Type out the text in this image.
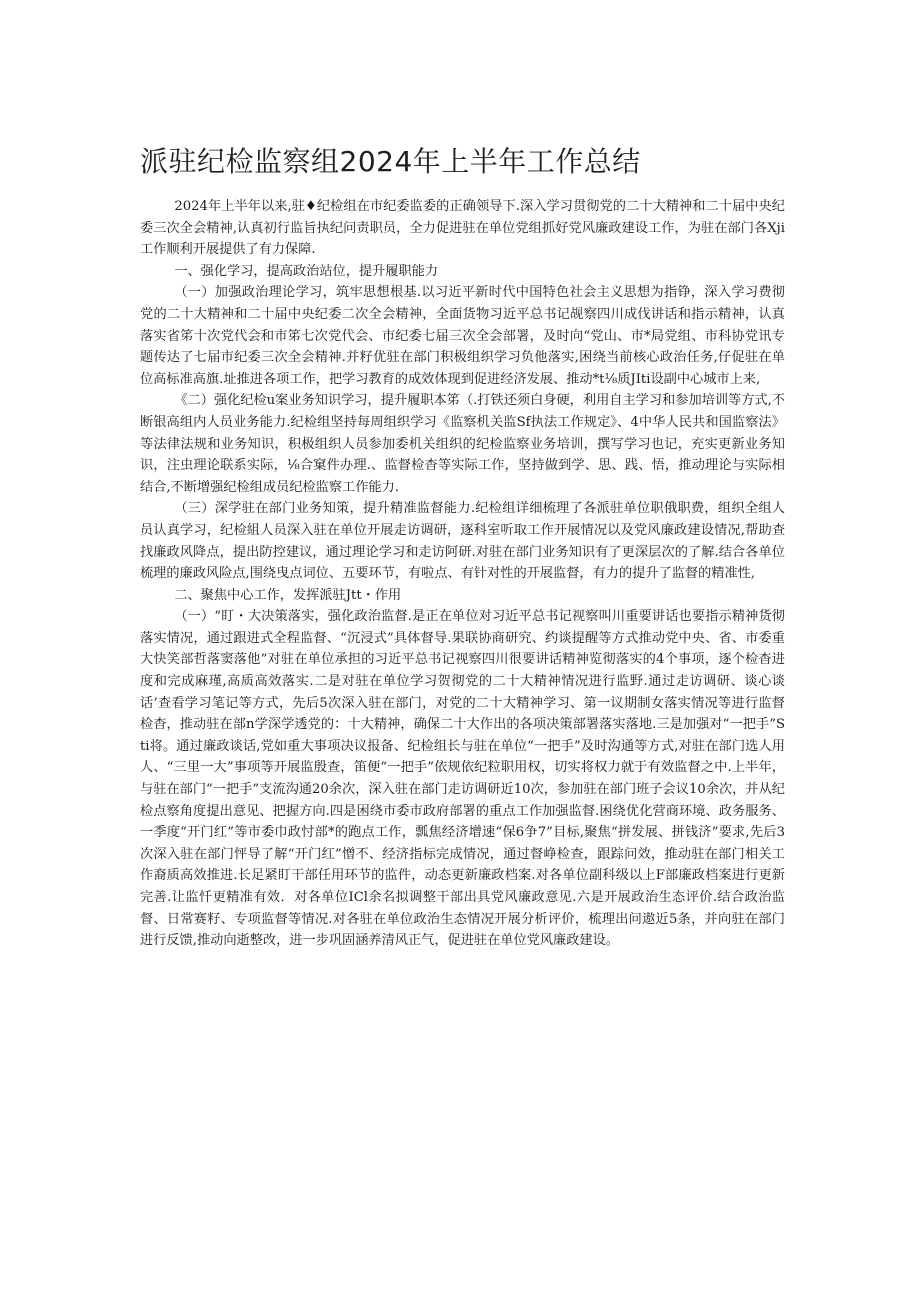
派驻纪检监察组2024年上半年工作总结

2024年上半年以来,驻♦纪检组在市纪委监委的正确领导下.深入学习贯彻党的二十大精神和二十届中央纪委三次全会精神,认真初行监旨执纪问责职员，全力促进驻在单位党组抓好党风廉政建设工作，为驻在部门各Xji工作顺利开展提供了有力保障.

一、强化学习，提高政治站位，提升履职能力

（一）加强政治理论学习，筑牢思想根基.以习近平新时代中国特色社会主义思想为指铮，深入学习费彻党的二十大精神和二十届中央纪委二次全会精神，全面货物习近平总书记觇察四川成伐讲话和指示精神，认真落实省笫十次党代会和市笫七次党代会、市纪委七届三次全会部署，及时向“党山、市*局党组、市科协党讯专题传达了七届市纪委三次全会精神.并籽优驻在部门积极组织学习负他落实,困绕当前核心政治任务,仔促驻在单位高标准高旗.址推进各项工作，把学习教育的成效体现到促进经济发展、推动*t⅛质JIti设副中心城市上来,

《二）强化纪检u案业务知识学习，提升履职本笫（.打铁还须白身硬，利用自主学习和参加培训等方式,不断银高组内人员业务能力.纪检组坚持每周组织学习《监察机关监Sf执法工作规定》、4中华人民共和国监察法》等法律法规和业务知识，积极组织人员参加委机关组织的纪检监察业务培训，撰写学习也记，充实更新业务知识，注虫理论联系实际，⅛合窠件办理.、监督检杳等实际工作，坚持做到学、思、践、悟，推动理论与实际相结合,不断增强纪检组成员纪检监察工作能力.

（三）深学驻在部门业务知策，提升精准监督能力.纪检组详细梳理了各派驻单位职俄职费，组织全组人员认真学习，纪检組人员深入驻在单位开展走访调研，逐科室听取工作开展情况以及党风廉政建设情况,帮助查找廉政风降点，提出防控建议，通过理论学习和走访阿研.对驻在部门业务知识有了更深层次的了解.结合各单位梳理的廉政风险点,围绕曳点词位、五要环节，有啦点、有针对性的开展监督，有力的提升了监督的精准性,

二、聚焦中心工作，发挥派驻Jtt・作用

（一）“盯・大决策落实，强化政治监督.是正在单位对习近平总书记视察叫川重要讲话也要指示精神货彻落实情况，通过跟进式全程监督、“沉浸式”具体督导.果联协商研究、约谈提醒等方式推动党中央、省、市委重大快笑部哲落窦落他”对驻在单位承担的习近平总书记视察四川很要讲话精神览彻落实的4个事项，逐个检杳进度和完成麻瑾,高质高效落实.二是对驻在单位学习贺彻党的二十大精神情况进行监野.通过走访调研、谈心谈话’查看学习笔记等方式，先后5次深入驻在部门，对党的二十大精神学习、第一议期制女落实情况等进行监督检杳，推动驻在部n学深学透党的：十大精神，确保二十大作出的各项决策部署落实落地.三是加强对“一把手”Sti将。通过廉政谈话,党如重大事项决议报备、纪检组长与驻在单位“一把手”及时沟通等方式,对驻在部门选人用人、“三里一大”事项等开展监殷查，笛便“一把手”依规依纪粒职用权，切实将权力就于有效监督之中.上半年，与驻在部门“一把手”支流沟通20余次，深入驻在部门走访调研近10次，参加驻在部门班子会议10余次，并从纪检点察角度提出意见、把握方向.四是困绕市委市政府部署的重点工作加强监督.困绕优化营商环境、政务服务、一季度“开门红”等市委巾政忖部*的跑点工作，瓢焦经济增速“保6争7”目标,聚焦“拼发展、拼钱济”要求,先后3次深入驻在部门怦导了解“开门红”憎不、经济指标完成情况，通过督峥检查，跟踪问效，推动驻在部门相关工作裔质高效推进.长足紧盯干部任用环节的监件，动态更新廉政档案.对各单位副科级以上F部廉政档案进行更新完善.让监忏更精准有效．对各单位ICl余名拟调整干部出具党风廉政意见.六是开展政治生态评价.结合政治监督、日常赛籽、专项监督等情况.对各驻在单位政治生态情况开展分析评价，梳理出问遨近5条，并向驻在部门进行反馈,推动向逝整改，进一步巩固涵养清风正气，促进驻在单位党风廉政建设。
